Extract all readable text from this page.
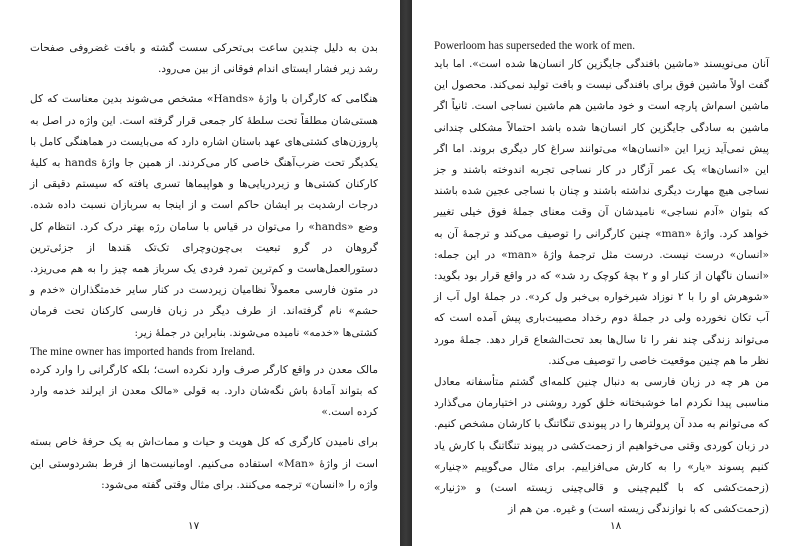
بدن به دلیل چندین ساعت بی‌تحرکی سست گشته و بافت غضروفی صفحات رشد زیر فشار ایستای اندام فوقانی از بین می‌رود.

هنگامی که کارگران با واژهٔ «Hands» مشخص می‌شوند بدین معناست که کل هستی‌شان مطلقاً تحت سلطهٔ کار جمعی قرار گرفته است. این واژه در اصل به پاروزن‌های کشتی‌های عهد باستان اشاره دارد که می‌بایست در هماهنگی کامل با یکدیگر تحت ضرب‌آهنگ خاصی کار می‌کردند. از همین جا واژهٔ hands به کلیهٔ کارکنان کشتی‌ها و زیردریایی‌ها و هواپیماها تسری یافته که سیستم دقیقی از درجات ارشدیت بر ایشان حاکم است و از اینجا به سربازان نسبت داده شده. وضع «hands» را می‌توان در قیاس با سامان رژه بهتر درک کرد. انتظام کل گروهان در گرو تبعیت بی‌چون‌وچرای تک‌تک هَندها از جزئی‌ترین دستورالعمل‌هاست و کم‌ترین تمرد فردی یک سرباز همه چیز را به هم می‌ریزد. در متون فارسی معمولاً نظامیان زیردست در کنار سایر خدمتگذاران «خدم و حشم» نام گرفته‌اند. از طرف دیگر در زبان فارسی کارکنان تحت فرمان کشتی‌ها «خدمه» نامیده می‌شوند. بنابراین در جملهٔ زیر:

The mine owner has imported hands from Ireland.

مالک معدن در واقع کارگر صرف وارد نکرده است؛ بلکه کارگرانی را وارد کرده که بتواند آمادهٔ باش نگه‌شان دارد. به قولی «مالک معدن از ایرلند خدمه وارد کرده است.»

برای نامیدن کارگری که کل هویت و حیات و ممات‌اش به یک حرفهٔ خاص بسته است از واژهٔ «Man» استفاده می‌کنیم. اومانیست‌ها از فرط بشردوستی این واژه را «انسان» ترجمه می‌کنند. برای مثال وقتی گفته می‌شود:

۱۷

Powerloom has superseded the work of men.

آنان می‌نویسند «ماشین بافندگی جایگزین کار انسان‌ها شده است». اما باید گفت اولاً ماشین فوق برای بافندگی نیست و بافت تولید نمی‌کند. محصول این ماشین اسم‌اش پارچه است و خود ماشین هم ماشین نساجی است. ثانیاً اگر ماشین به سادگی جایگزین کار انسان‌ها شده باشد احتمالاً مشکلی چندانی پیش نمی‌آید زیرا این «انسان‌ها» می‌توانند سراغ کار دیگری بروند. اما اگر این «انسان‌ها» یک عمر آزگار در کار نساجی تجربه اندوخته باشند و جز نساجی هیچ مهارت دیگری نداشته باشند و چنان با نساجی عجین شده باشند که بتوان «آدم نساجی» نامیدشان آن وقت معنای جملهٔ فوق خیلی تغییر خواهد کرد. واژهٔ «man» چنین کارگرانی را توصیف می‌کند و ترجمهٔ آن به «انسان» درست نیست. درست مثل ترجمهٔ واژهٔ «man» در این جمله: «انسان ناگهان از کنار او و ۲ بچهٔ کوچک رد شد» که در واقع قرار بود بگوید: «شوهرش او را با ۲ نوزاد شیرخواره بی‌خبر ول کرد». در جملهٔ اول آب از آب تکان نخورده ولی در جملهٔ دوم رخداد مصیبت‌باری پیش آمده است که می‌تواند زندگی چند نفر را تا سال‌ها بعد تحت‌الشعاع قرار دهد. جملهٔ مورد نظر ما هم چنین موقعیت خاصی را توصیف می‌کند.

من هر چه در زبان فارسی به دنبال چنین کلمه‌ای گشتم متأسفانه معادل مناسبی پیدا نکردم اما خوشبختانه خلق کورد روشنی در اختیارمان می‌گذارد که می‌توانم به مدد آن پرولترها را در پیوندی تنگاتنگ با کارشان مشخص کنیم. در زبان کوردی وقتی می‌خواهیم از زحمت‌کشی در پیوند تنگاتنگ با کارش یاد کنیم پسوند «یار» را به کارش می‌افزاییم. برای مثال می‌گوییم «چنیار» (زحمت‌کشی که با گلیم‌چینی و قالی‌چینی زیسته است) و «ژنیار» (زحمت‌کشی که با نوازندگی زیسته است) و غیره. من هم از

۱۸
